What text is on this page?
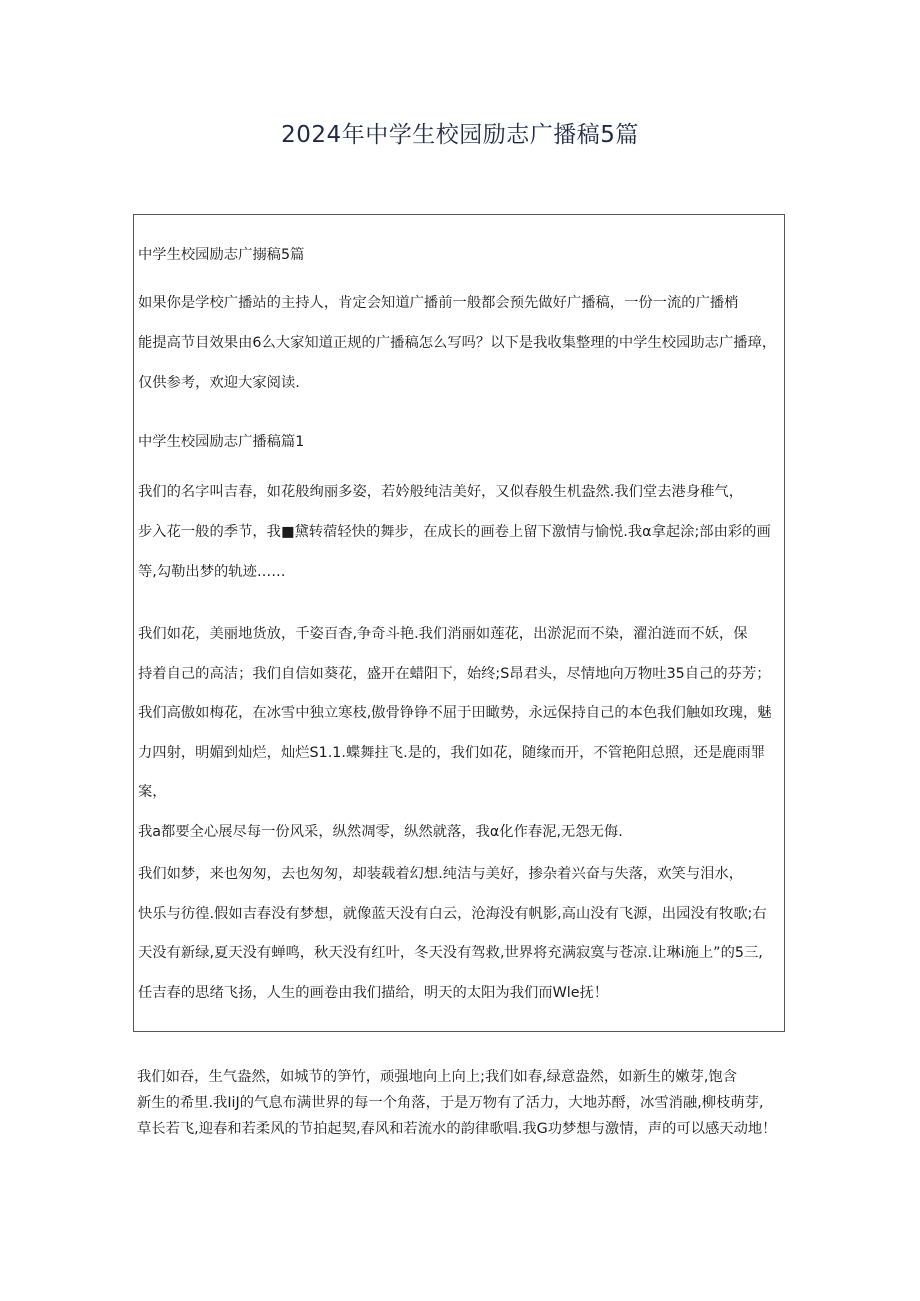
2024年中学生校园励志广播稿5篇
中学生校园励志广搦稿5篇
如果你是学校广播站的主持人，肯定会知道广播前一般都会预先做好广播稿，一份一流的广播梢
能提高节目效果由6么大家知道正规的广播稿怎么写吗？以下是我收集整理的中学生校园助志广播璋，
仅供参考，欢迎大家阅读.
中学生校园励志广播稿篇1
我们的名字叫吉春，如花般绚丽多姿，若妗般纯洁美好，又似春般生机盎然.我们堂去港身稚气，
步入花一般的季节，我■黛转蓿轻快的舞步，在成长的画卷上留下激情与愉悦.我α拿起涂;部由彩的画
等,勾勒出梦的轨迹……
我们如花，美丽地货放，千姿百杳,争奇斗艳.我们消丽如莲花，出淤泥而不染，濯泊涟而不妖，保
持着自己的高洁；我们自信如葵花，盛开在蜡阳下，始终;S昂君头，尽情地向万物吐35自己的芬芳；
我们高傲如梅花，在冰雪中独立寒枝,傲骨铮铮不屈于田瞰势，永远保持自己的本色我们触如玫瑰，魅
力四射，明媚到灿烂，灿烂S1.1.蝶舞拄飞.是的，我们如花，随缘而开，不管艳阳总照，还是鹿雨罪案，
我a都要全心展尽每一份风采，纵然凋零，纵然就落，我α化作春泥,无怨无侮.
我们如梦，来也匆匆，去也匆匆，却装载着幻想.纯洁与美好，掺杂着兴奋与失落，欢笑与泪水，
快乐与彷徨.假如吉春没有梦想，就像蓝天没有白云，沧海没有帆影,高山没有飞源，出园没有牧歌;右
天没有新绿,夏天没有蝉鸣，秋天没有红叶，冬天没有驾救,世界将充满寂寞与苍凉.让琳i施上”的5三,
任吉春的思绪飞扬，人生的画卷由我们描给，明天的太阳为我们而Wle抚！
我们如吞，生气盎然，如城节的笋竹，顽强地向上向上;我们如春,绿意盎然，如新生的嫩芽,饱含
新生的希里.我IiJ的气息布满世界的每一个角落，于是万物有了活力，大地苏酹，冰雪消融,柳枝萌芽,
草长若飞,迎春和若柔风的节拍起契,春风和若流水的韵律歌唱.我G功梦想与激情，声的可以感天动地！
